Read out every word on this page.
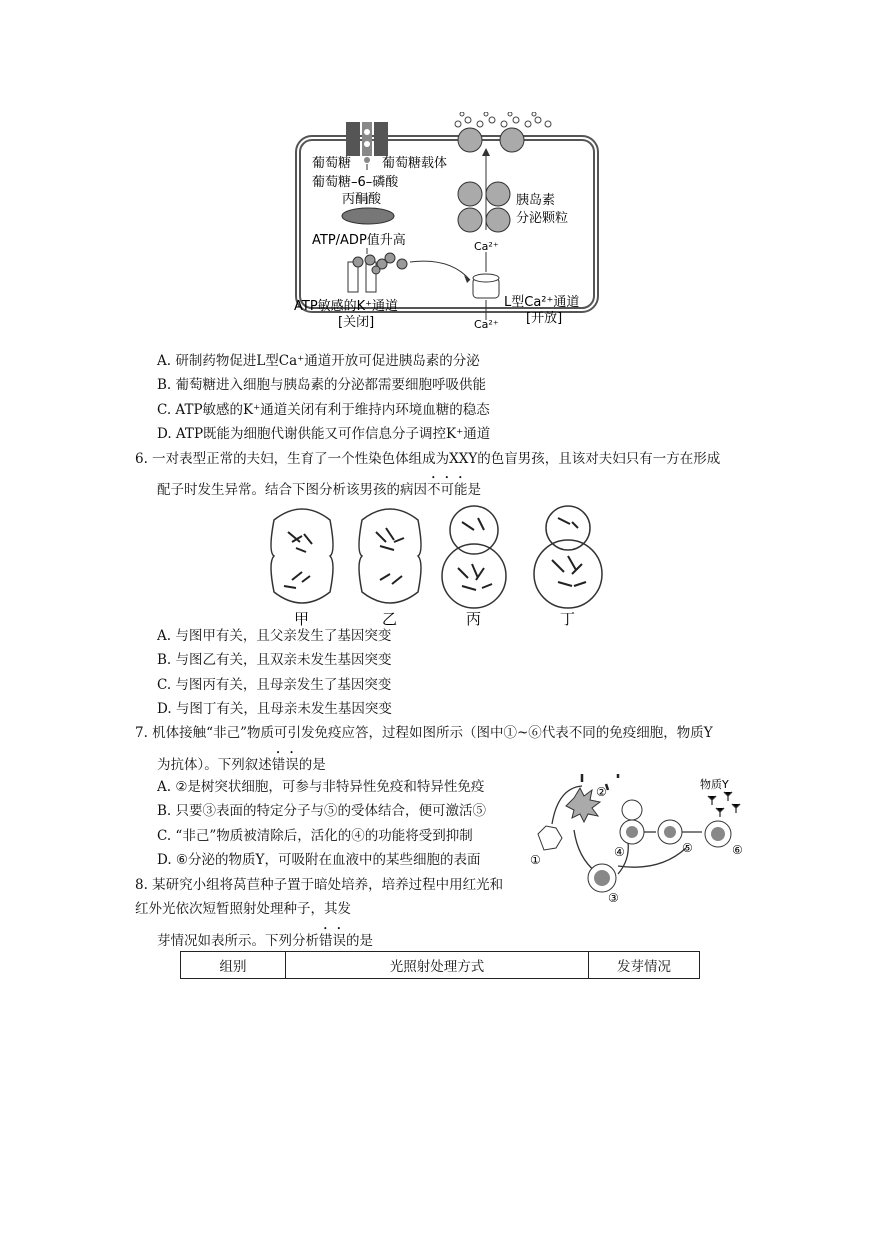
葡萄糖 葡萄糖载体
葡萄糖–6–磷酸
丙酮酸
ATP/ADP值升高
胰岛素
分泌颗粒
Ca²⁺
ATP敏感的K⁺通道
[关闭]
L型Ca²⁺通道
[开放]
Ca²⁺
A. 研制药物促进L型Ca⁺通道开放可促进胰岛素的分泌
B. 葡萄糖进入细胞与胰岛素的分泌都需要细胞呼吸供能
C. ATP敏感的K⁺通道关闭有利于维持内环境血糖的稳态
D. ATP既能为细胞代谢供能又可作信息分子调控K⁺通道
6. 一对表型正常的夫妇，生育了一个性染色体组成为XXY的色盲男孩，且该对夫妇只有一方在形成
配子时发生异常。结合下图分析该男孩的病因不可能是
甲	乙	丙	丁
A. 与图甲有关，且父亲发生了基因突变
B. 与图乙有关，且双亲未发生基因突变
C. 与图丙有关，且母亲发生了基因突变
D. 与图丁有关，且母亲未发生基因突变
7. 机体接触“非己”物质可引发免疫应答，过程如图所示（图中①~⑥代表不同的免疫细胞，物质Y
为抗体）。下列叙述错误的是
A. ②是树突状细胞，可参与非特异性免疫和特异性免疫
B. 只要③表面的特定分子与⑤的受体结合，便可激活⑤
C. “非己”物质被清除后，活化的④的功能将受到抑制
D. ⑥分泌的物质Y，可吸附在血液中的某些细胞的表面
物质Y
①
②
③
④	⑤	⑥
8. 某研究小组将莴苣种子置于暗处培养，培养过程中用红光和
红外光依次短暂照射处理种子，其发
芽情况如表所示。下列分析错误的是
组别	光照射处理方式	发芽情况
